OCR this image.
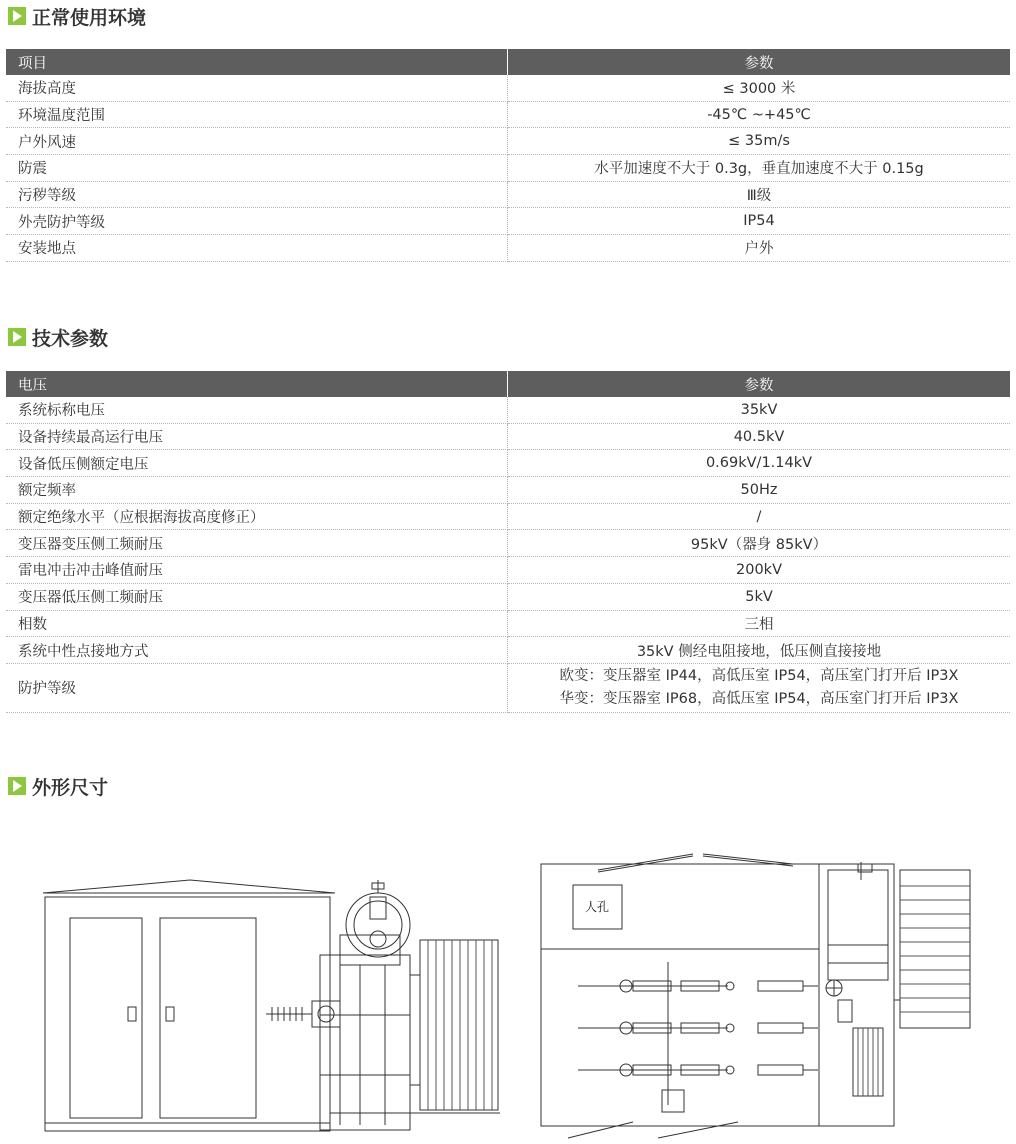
正常使用环境
项目	参数
海拔高度	≤ 3000 米
环境温度范围	-45℃ ~+45℃
户外风速	≤ 35m/s
防震	水平加速度不大于 0.3g，垂直加速度不大于 0.15g
污秽等级	Ⅲ级
外壳防护等级	IP54
安装地点	户外
技术参数
电压	参数
系统标称电压	35kV
设备持续最高运行电压	40.5kV
设备低压侧额定电压	0.69kV/1.14kV
额定频率	50Hz
额定绝缘水平（应根据海拔高度修正）	/
变压器变压侧工频耐压	95kV（器身 85kV）
雷电冲击冲击峰值耐压	200kV
变压器低压侧工频耐压	5kV
相数	三相
系统中性点接地方式	35kV 侧经电阻接地，低压侧直接接地
防护等级	欧变：变压器室 IP44，高低压室 IP54，高压室门打开后 IP3X
华变：变压器室 IP68，高低压室 IP54，高压室门打开后 IP3X
外形尺寸
人孔
